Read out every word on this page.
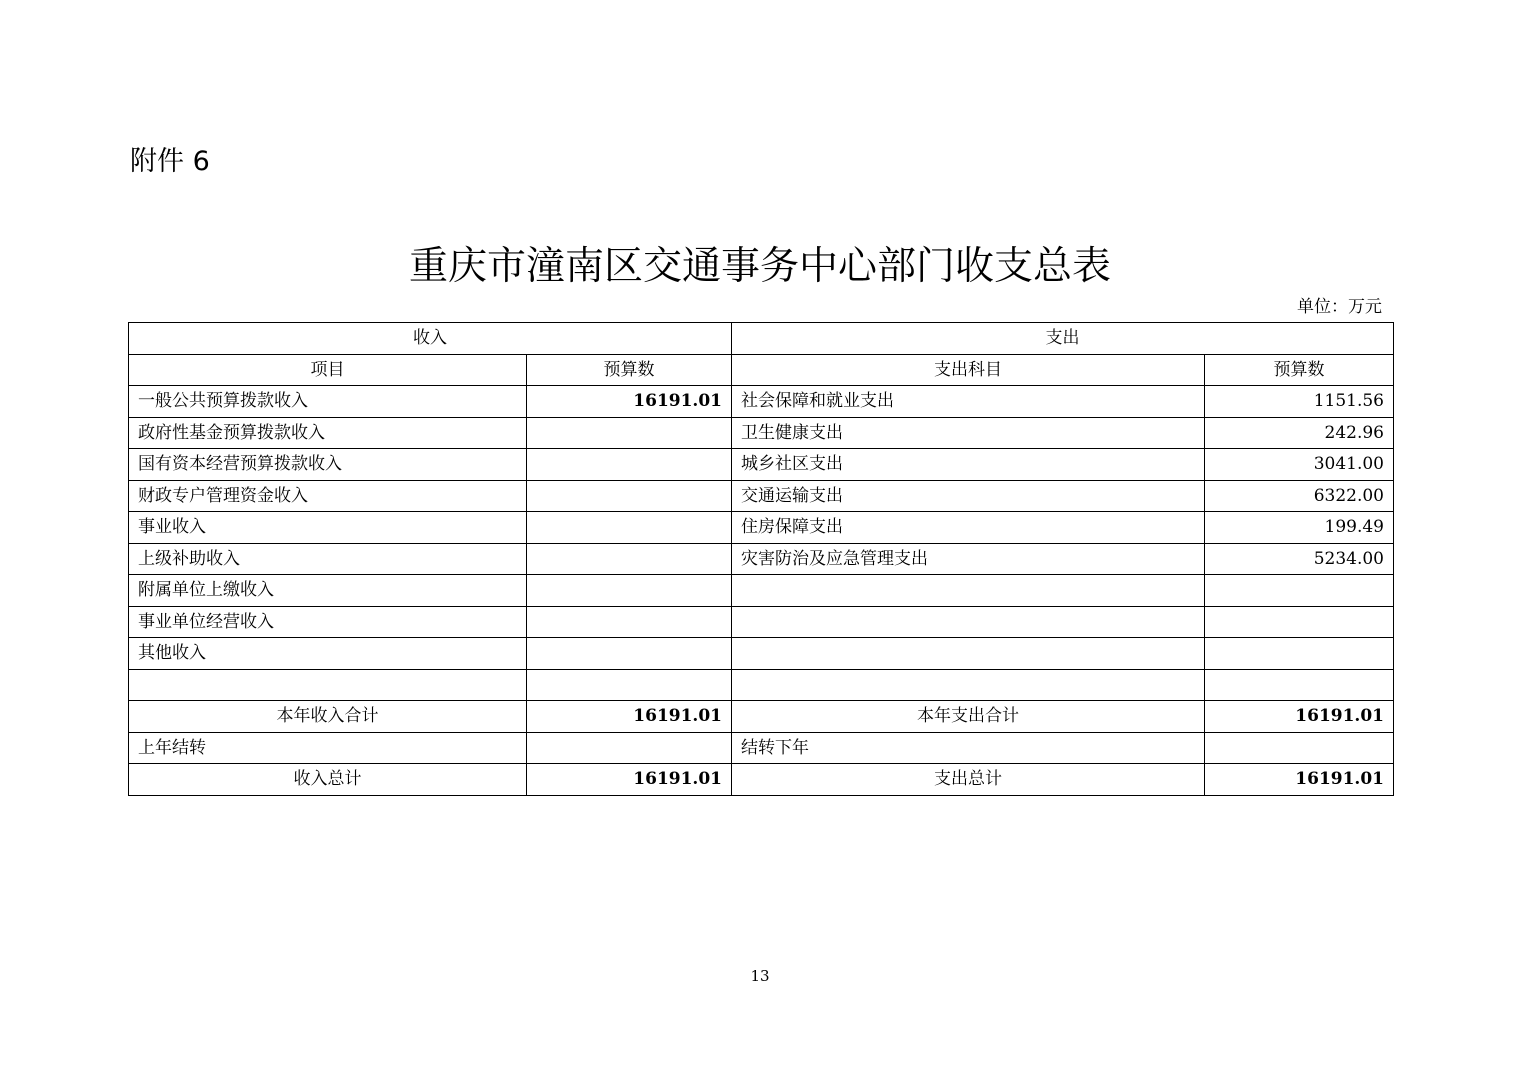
附件 6
重庆市潼南区交通事务中心部门收支总表
单位：万元
收入		支出	
项目	预算数	支出科目	预算数
一般公共预算拨款收入	16191.01	社会保障和就业支出	1151.56
政府性基金预算拨款收入		卫生健康支出	242.96
国有资本经营预算拨款收入		城乡社区支出	3041.00
财政专户管理资金收入		交通运输支出	6322.00
事业收入		住房保障支出	199.49
上级补助收入		灾害防治及应急管理支出	5234.00
附属单位上缴收入			
事业单位经营收入			
其他收入			

本年收入合计	16191.01	本年支出合计	16191.01
上年结转		结转下年	
收入总计	16191.01	支出总计	16191.01
13
